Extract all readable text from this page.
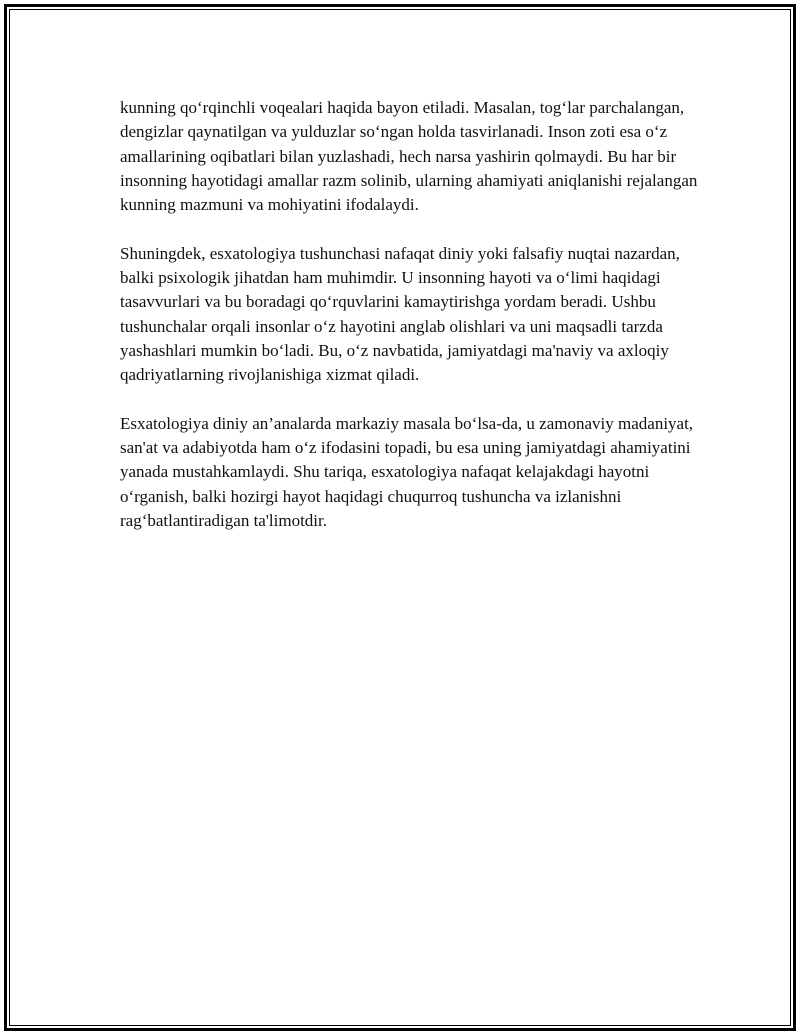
kunning qo‘rqinchli voqealari haqida bayon etiladi. Masalan, tog‘lar parchalangan, dengizlar qaynatilgan va yulduzlar so‘ngan holda tasvirlanadi. Inson zoti esa o‘z amallarining oqibatlari bilan yuzlashadi, hech narsa yashirin qolmaydi. Bu har bir insonning hayotidagi amallar razm solinib, ularning ahamiyati aniqlanishi rejalangan kunning mazmuni va mohiyatini ifodalaydi.

Shuningdek, esxatologiya tushunchasi nafaqat diniy yoki falsafiy nuqtai nazardan, balki psixologik jihatdan ham muhimdir. U insonning hayoti va o‘limi haqidagi tasavvurlari va bu boradagi qo‘rquvlarini kamaytirishga yordam beradi. Ushbu tushunchalar orqali insonlar o‘z hayotini anglab olishlari va uni maqsadli tarzda yashashlari mumkin bo‘ladi. Bu, o‘z navbatida, jamiyatdagi ma'naviy va axloqiy qadriyatlarning rivojlanishiga xizmat qiladi.

Esxatologiya diniy an’analarda markaziy masala bo‘lsa-da, u zamonaviy madaniyat, san'at va adabiyotda ham o‘z ifodasini topadi, bu esa uning jamiyatdagi ahamiyatini yanada mustahkamlaydi. Shu tariqa, esxatologiya nafaqat kelajakdagi hayotni o‘rganish, balki hozirgi hayot haqidagi chuqurroq tushuncha va izlanishni rag‘batlantiradigan ta'limotdir.
